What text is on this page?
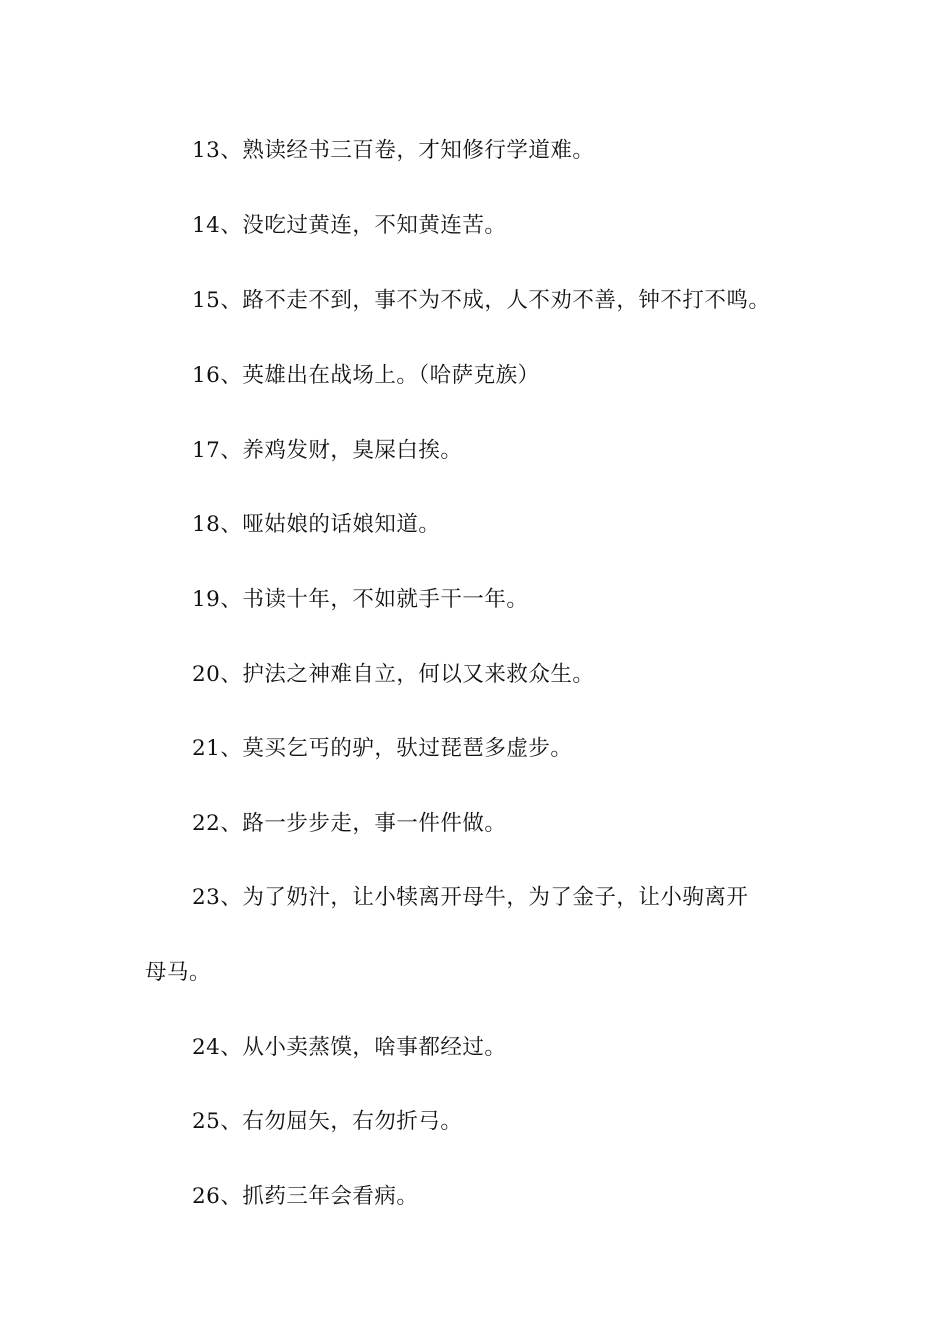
13、熟读经书三百卷，才知修行学道难。
14、没吃过黄连，不知黄连苦。
15、路不走不到，事不为不成，人不劝不善，钟不打不鸣。
16、英雄出在战场上。（哈萨克族）
17、养鸡发财，臭屎白挨。
18、哑姑娘的话娘知道。
19、书读十年，不如就手干一年。
20、护法之神难自立，何以又来救众生。
21、莫买乞丐的驴，驮过琵琶多虚步。
22、路一步步走，事一件件做。
23、为了奶汁，让小犊离开母牛，为了金子，让小驹离开
母马。
24、从小卖蒸馍，啥事都经过。
25、右勿屈矢，右勿折弓。
26、抓药三年会看病。
